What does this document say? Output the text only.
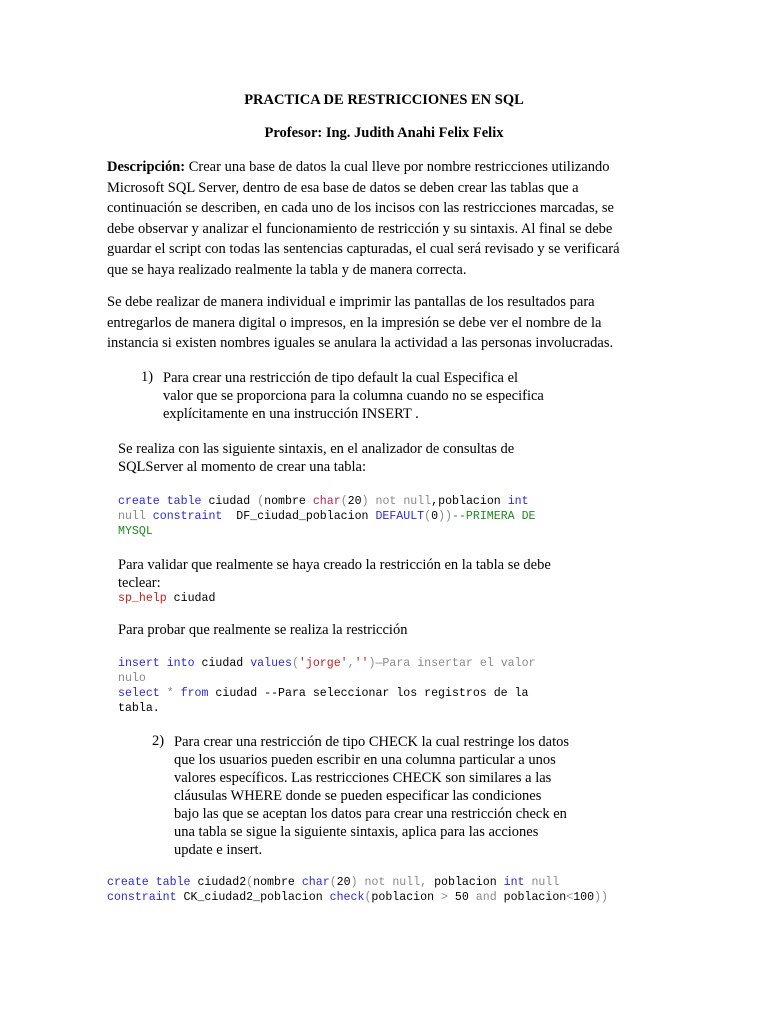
PRACTICA DE RESTRICCIONES EN SQL
Profesor: Ing. Judith Anahi Felix Felix
Descripción: Crear una base de datos la cual lleve por nombre restricciones utilizando
Microsoft SQL Server, dentro de esa base de datos se deben crear las tablas que a
continuación se describen, en cada uno de los incisos con las restricciones marcadas, se
debe observar y analizar el funcionamiento de restricción y su sintaxis. Al final se debe
guardar el script con todas las sentencias capturadas, el cual será revisado y se verificará
que se haya realizado realmente la tabla y de manera correcta.
Se debe realizar de manera individual e imprimir las pantallas de los resultados para
entregarlos de manera digital o impresos, en la impresión se debe ver el nombre de la
instancia si existen nombres iguales se anulara la actividad a las personas involucradas.
1) Para crear una restricción de tipo default la cual Especifica el
valor que se proporciona para la columna cuando no se especifica
explícitamente en una instrucción INSERT .
Se realiza con las siguiente sintaxis, en el analizador de consultas de
SQLServer al momento de crear una tabla:
create table ciudad (nombre char(20) not null,poblacion int
null constraint  DF_ciudad_poblacion DEFAULT(0))--PRIMERA DE
MYSQL
Para validar que realmente se haya creado la restricción en la tabla se debe
teclear:
sp_help ciudad
Para probar que realmente se realiza la restricción
insert into ciudad values('jorge','')—Para insertar el valor
nulo
select * from ciudad --Para seleccionar los registros de la
tabla.
2) Para crear una restricción de tipo CHECK la cual restringe los datos
que los usuarios pueden escribir en una columna particular a unos
valores específicos. Las restricciones CHECK son similares a las
cláusulas WHERE donde se pueden especificar las condiciones
bajo las que se aceptan los datos para crear una restricción check en
una tabla se sigue la siguiente sintaxis, aplica para las acciones
update e insert.
create table ciudad2(nombre char(20) not null, poblacion int null
constraint CK_ciudad2_poblacion check(poblacion > 50 and poblacion<100))
